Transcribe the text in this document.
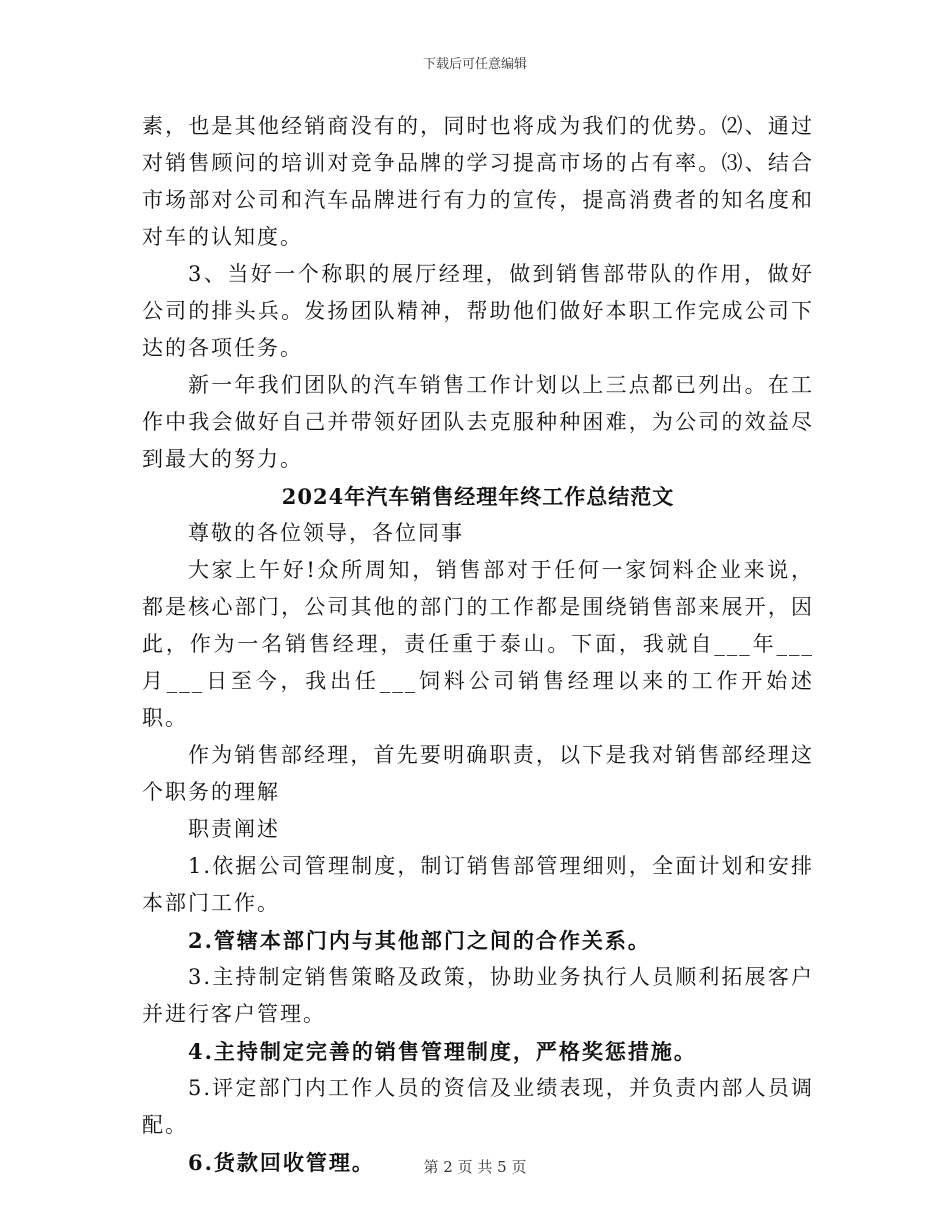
下载后可任意编辑

素，也是其他经销商没有的，同时也将成为我们的优势。⑵、通过对销售顾问的培训对竞争品牌的学习提高市场的占有率。⑶、结合市场部对公司和汽车品牌进行有力的宣传，提高消费者的知名度和对车的认知度。

3、当好一个称职的展厅经理，做到销售部带队的作用，做好公司的排头兵。发扬团队精神，帮助他们做好本职工作完成公司下达的各项任务。

新一年我们团队的汽车销售工作计划以上三点都已列出。在工作中我会做好自己并带领好团队去克服种种困难，为公司的效益尽到最大的努力。

2024年汽车销售经理年终工作总结范文

尊敬的各位领导，各位同事

大家上午好!众所周知，销售部对于任何一家饲料企业来说，都是核心部门，公司其他的部门的工作都是围绕销售部来展开，因此，作为一名销售经理，责任重于泰山。下面，我就自___年___月___日至今，我出任___饲料公司销售经理以来的工作开始述职。

作为销售部经理，首先要明确职责，以下是我对销售部经理这个职务的理解

职责阐述

1.依据公司管理制度，制订销售部管理细则，全面计划和安排本部门工作。

2.管辖本部门内与其他部门之间的合作关系。

3.主持制定销售策略及政策，协助业务执行人员顺利拓展客户并进行客户管理。

4.主持制定完善的销售管理制度，严格奖惩措施。

5.评定部门内工作人员的资信及业绩表现，并负责内部人员调配。

6.货款回收管理。	第 2 页 共 5 页
